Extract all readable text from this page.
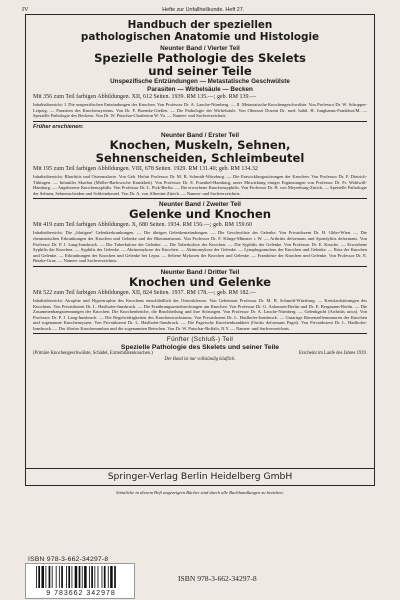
IV	Hefte zur Unfallheilkunde. Heft 27.
Handbuch der speziellen
pathologischen Anatomie und Histologie
Neunter Band / Vierter Teil
Spezielle Pathologie des Skelets
und seiner Teile
Unspezifische Entzündungen — Metastatische Geschwülste
Parasiten — Wirbelsäule — Becken
Mit 356 zum Teil farbigen Abbildungen. XII, 612 Seiten. 1939. RM 135.—; geb. RM 139.—
Inhaltsübersicht: I. Die unspezifischen Entzündungen der Knochen. Von Professor Dr. A. Lauche-Nürnberg. — II. Metastatische Knochengeschwülste. Von Professor Dr. W. Schopper-Leipzig. — Parasiten des Knochensystems. Von Dr. F. Boemke-Gießen. — Die Pathologie der Wirbelsäule. Von Oberarzt Dozent Dr. med. habil. H. Junghanns-Frankfurt/M. — Spezielle Pathologie des Beckens. Von Dr. W. Putschar-Charleston W. Va. — Namen- und Sachverzeichnis.
Früher erschienen:
Neunter Band / Erster Teil
Knochen, Muskeln, Sehnen,
Sehnenscheiden, Schleimbeutel
Mit 195 zum Teil farbigen Abbildungen. VIII, 678 Seiten. 1929. RM 131.40; geb. RM 134.32
Inhaltsübersicht: Rhachitis und Osteomalacie. Von Geh. Hofrat Professor Dr. M. B. Schmidt-Würzburg. — Die Entwicklungsstörungen der Knochen. Von Professor Dr. F. Dietrich-Tübingen. — Infantiler Skorbut (Möller-Barlowsche Krankheit). Von Professor Dr. E. Fraenkel-Hamburg, unter Mitwirkung einiger Ergänzungen von Professor Dr. Fr. Wohlwill-Hamburg. — Angeborene Knochensyphilis. Von Professor Dr. L. Pick-Berlin. — Die erworbene Knochensyphilis. Von Professor Dr. H. von Meyenburg-Zürich. — Spezielle Pathologie der Sehnen, Sehnenscheiden und Schleimbeutel. Von Dr. A. von Albertini-Zürich. — Namen- und Sachverzeichnis.
Neunter Band / Zweiter Teil
Gelenke und Knochen
Mit 419 zum Teil farbigen Abbildungen. X, 680 Seiten. 1934. RM 156.—; geb. RM 159.60
Inhaltsübersicht: Die „blutigen“ Gelenkerkrankungen. — Die übrigen Gelenkentzündungen. — Die Geschwülste der Gelenke. Von Privatdozent Dr. H. Gbler-Wien. — Die rheumatischen Erkrankungen der Knochen und Gelenke und der Rheumatismus. Von Professor Dr. F. Klinge-Münster i. W. — Arthritis deformans und Spondylitis deformans. Von Professor Dr. P. J. Lang-Innsbruck. — Die Tuberkulose der Gelenke. — Die Tuberkulose der Knochen. — Die Syphilis der Gelenke. Von Professor Dr. E. Knoche. — Erworbene Syphilis der Knochen. — Syphilis der Gelenke. — Aktinomykose der Knochen. — Aktinomykose der Gelenke. — Lymphogranulom der Knochen und Gelenke. — Rotz der Knochen und Gelenke. — Erkrankungen der Knochen und Gelenke bei Lepra. — Seltene Mykosen der Knochen und Gelenke. — Framböste der Knochen und Gelenke. Von Professor Dr. E. Betzke-Graz. — Namen- und Sachverzeichnis.
Neunter Band / Dritter Teil
Knochen und Gelenke
Mit 522 zum Teil farbigen Abbildungen. XII, 824 Seiten. 1937. RM 178.—; geb. RM 182.—
Inhaltsübersicht: Atrophie und Hypertrophie des Knochens einschließlich der Osteosklerose. Von Geheimrat Professor Dr. M. B. Schmidt-Würzburg. — Kreislaufstörungen des Knochens. Von Privatdozent Dr. L. Haslhofer-Innsbruck. — Die Ernährungsunterbrechungen am Knochen. Von Professor Dr. G. Axhausen-Berlin und Dr. E. Bergmann-Berlin. — Die Zusammenhangstrennungen der Knochen. Die Knochenbrüche, die Bruchheilung und ihre Störungen. Von Professor Dr. A. Lauche-Nürnberg. — Gelenkgicht (Arthritis urica). Von Professor Dr. P. J. Lang-Innsbruck. — Die Regelwidrigkeiten des Knochenwachstums. Von Privatdozent Dr. L. Haslhofer-Innsbruck. — Gutartige Riesenzellentumoren der Knochen und sogenannte Knochenzysten. Von Privatdozent Dr. L. Haslhofer-Innsbruck. — Die Pagetsche Knochenkrankheit (Ostitis deformans Paget). Von Privatdozent Dr. L. Haslhofer-Innsbruck. — Der fibröse Knochenumbau und die sogenannten Beinchen. Von Dr. W. Putschar-Buffalo, N.Y. — Namen- und Sachverzeichnis.
Fünfter (Schluß-) Teil
Spezielle Pathologie des Skelets und seiner Teile
(Primäre Knochengeschwülste, Schädel, Extremitätenknochen.)	Erscheint im Laufe des Jahres 1939.
Der Band ist nur vollständig käuflich.
Springer-Verlag Berlin Heidelberg GmbH
Sämtliche in diesem Heft angezeigten Bücher sind durch alle Buchhandlungen zu beziehen.
ISBN 978-3-662-34297-8
9 783662 342978
ISBN 978-3-662-34297-8
